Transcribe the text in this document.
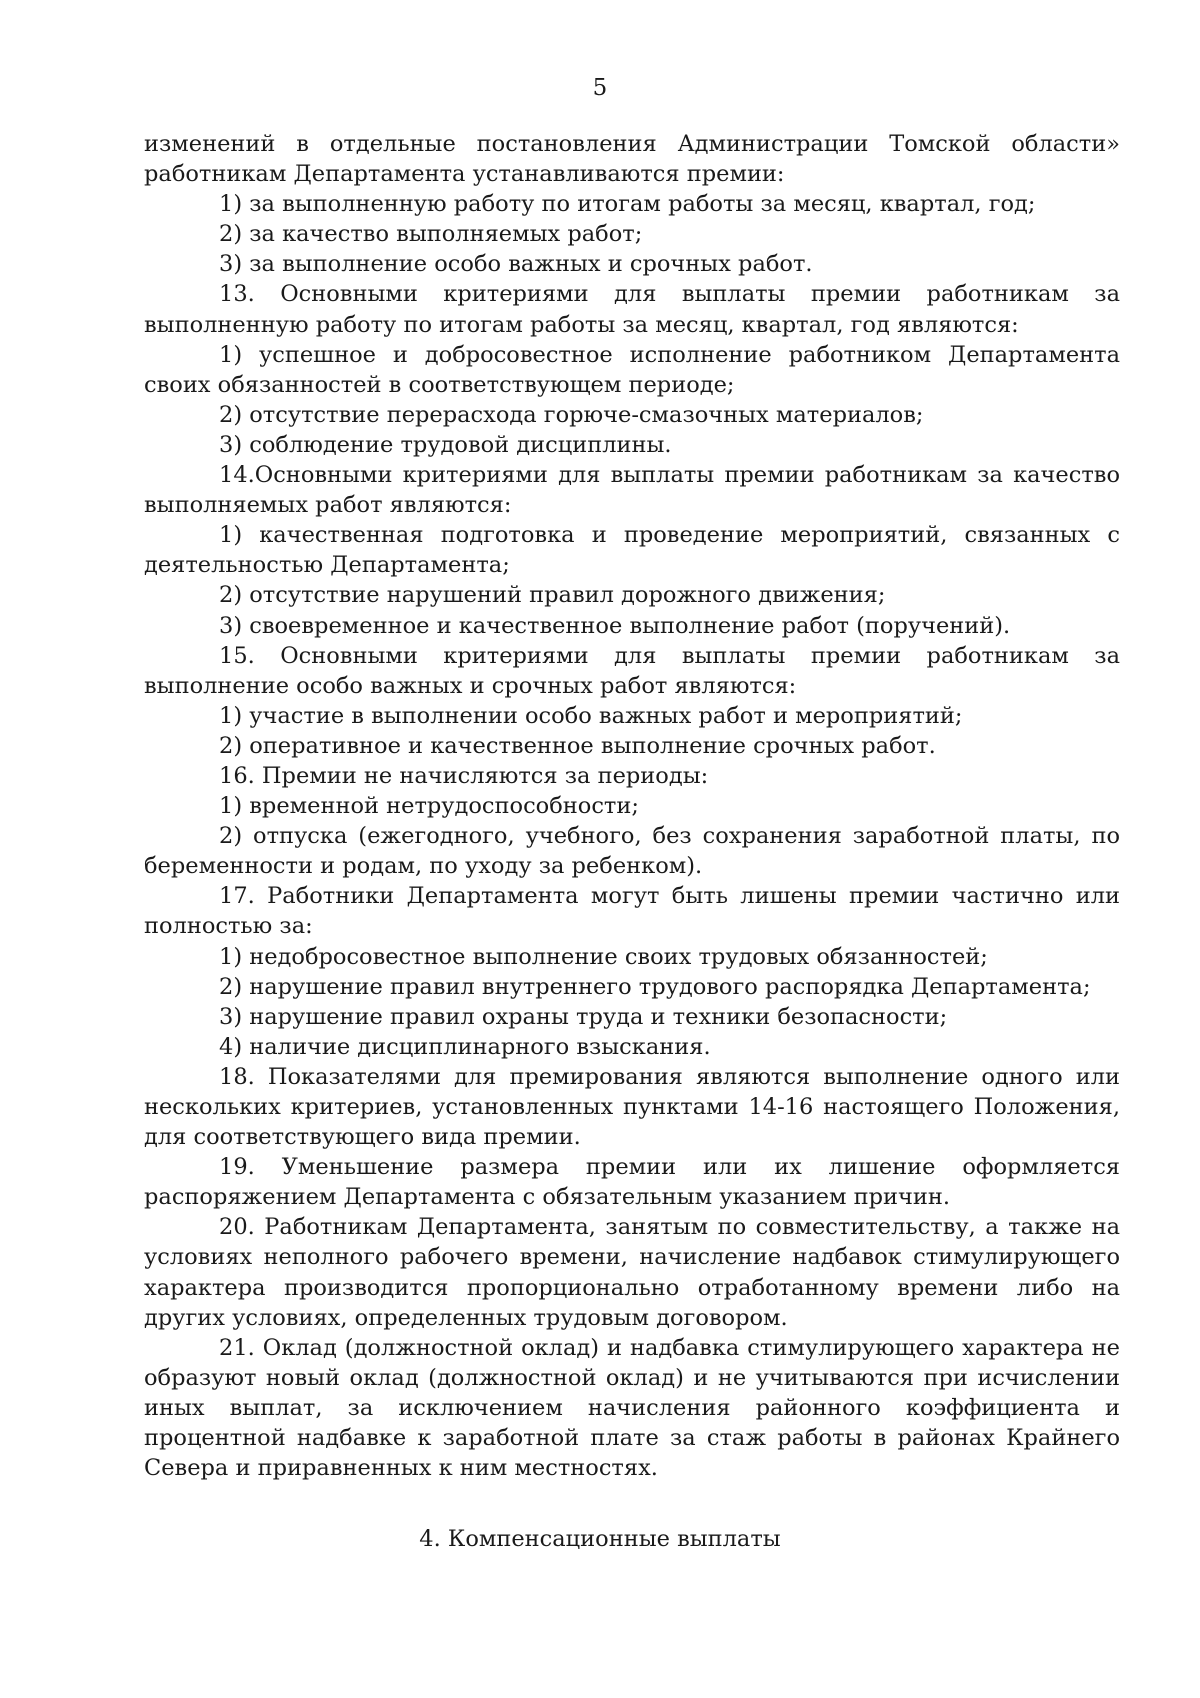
5

изменений в отдельные постановления Администрации Томской области» работникам Департамента устанавливаются премии:

1) за выполненную работу по итогам работы за месяц, квартал, год;

2) за качество выполняемых работ;

3) за выполнение особо важных и срочных работ.

13. Основными критериями для выплаты премии работникам за выполненную работу по итогам работы за месяц, квартал, год являются:

1) успешное и добросовестное исполнение работником Департамента своих обязанностей в соответствующем периоде;

2) отсутствие перерасхода горюче-смазочных материалов;

3) соблюдение трудовой дисциплины.

14.Основными критериями для выплаты премии работникам за качество выполняемых работ являются:

1) качественная подготовка и проведение мероприятий, связанных с деятельностью Департамента;

2) отсутствие нарушений правил дорожного движения;

3) своевременное и качественное выполнение работ (поручений).

15. Основными критериями для выплаты премии работникам за выполнение особо важных и срочных работ являются:

1) участие в выполнении особо важных работ и мероприятий;

2) оперативное и качественное выполнение срочных работ.

16. Премии не начисляются за периоды:

1) временной нетрудоспособности;

2) отпуска (ежегодного, учебного, без сохранения заработной платы, по беременности и родам, по уходу за ребенком).

17. Работники Департамента могут быть лишены премии частично или полностью за:

1) недобросовестное выполнение своих трудовых обязанностей;

2) нарушение правил внутреннего трудового распорядка Департамента;

3) нарушение правил охраны труда и техники безопасности;

4) наличие дисциплинарного взыскания.

18. Показателями для премирования являются выполнение одного или нескольких критериев, установленных пунктами 14-16 настоящего Положения, для соответствующего вида премии.

19. Уменьшение размера премии или их лишение оформляется распоряжением Департамента с обязательным указанием причин.

20. Работникам Департамента, занятым по совместительству, а также на условиях неполного рабочего времени, начисление надбавок стимулирующего характера производится пропорционально отработанному времени либо на других условиях, определенных трудовым договором.

21. Оклад (должностной оклад) и надбавка стимулирующего характера не образуют новый оклад (должностной оклад) и не учитываются при исчислении иных выплат, за исключением начисления районного коэффициента и процентной надбавке к заработной плате за стаж работы в районах Крайнего Севера и приравненных к ним местностях.

4. Компенсационные выплаты
